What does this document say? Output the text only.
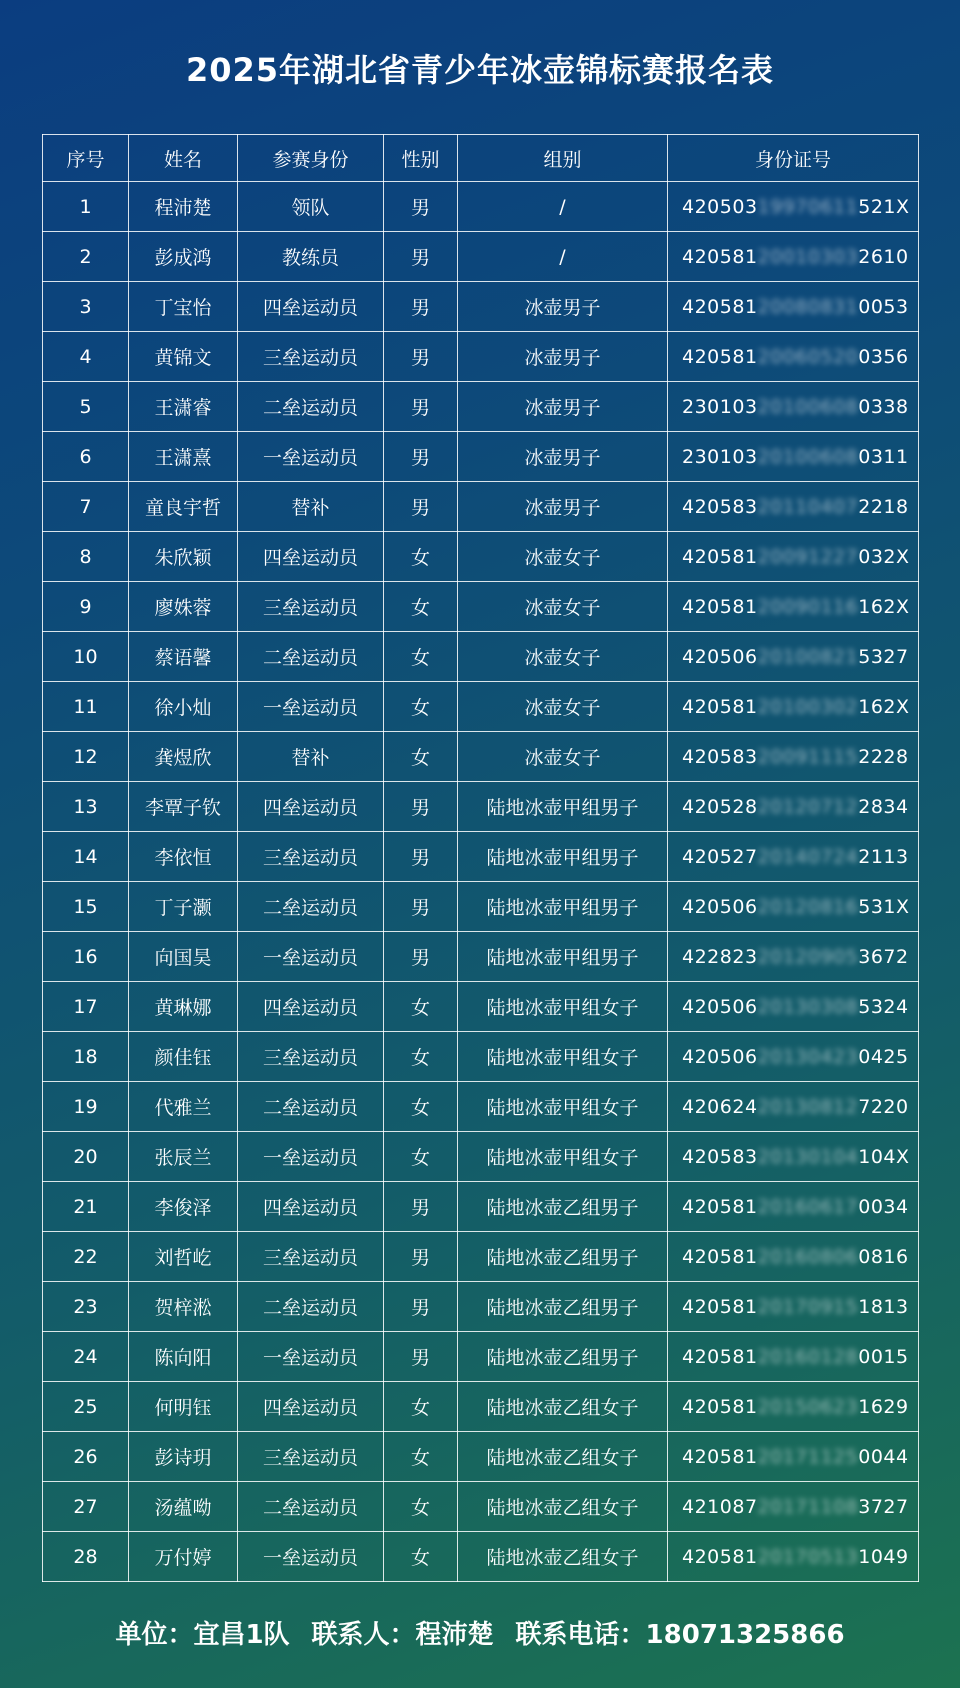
2025年湖北省青少年冰壶锦标赛报名表
序号	姓名	参赛身份	性别	组别	身份证号
1	程沛楚	领队	男	/	42050319970611521X
2	彭成鸿	教练员	男	/	420581200103032610
3	丁宝怡	四垒运动员	男	冰壶男子	420581200808310053
4	黄锦文	三垒运动员	男	冰壶男子	420581200605200356
5	王潇睿	二垒运动员	男	冰壶男子	230103201006080338
6	王潇熹	一垒运动员	男	冰壶男子	230103201006080311
7	童良宇哲	替补	男	冰壶男子	420583201104072218
8	朱欣颖	四垒运动员	女	冰壶女子	42058120091227032X
9	廖姝蓉	三垒运动员	女	冰壶女子	42058120090116162X
10	蔡语馨	二垒运动员	女	冰壶女子	420506201008215327
11	徐小灿	一垒运动员	女	冰壶女子	42058120100302162X
12	龚煜欣	替补	女	冰壶女子	420583200911152228
13	李覃子钦	四垒运动员	男	陆地冰壶甲组男子	420528201207122834
14	李依恒	三垒运动员	男	陆地冰壶甲组男子	420527201407242113
15	丁子灏	二垒运动员	男	陆地冰壶甲组男子	42050620120816531X
16	向国昊	一垒运动员	男	陆地冰壶甲组男子	422823201209053672
17	黄琳娜	四垒运动员	女	陆地冰壶甲组女子	420506201303085324
18	颜佳钰	三垒运动员	女	陆地冰壶甲组女子	420506201304230425
19	代雅兰	二垒运动员	女	陆地冰壶甲组女子	420624201308127220
20	张辰兰	一垒运动员	女	陆地冰壶甲组女子	42058320130104104X
21	李俊泽	四垒运动员	男	陆地冰壶乙组男子	420581201606170034
22	刘哲屹	三垒运动员	男	陆地冰壶乙组男子	420581201608060816
23	贺梓淞	二垒运动员	男	陆地冰壶乙组男子	420581201709151813
24	陈向阳	一垒运动员	男	陆地冰壶乙组男子	420581201601280015
25	何明钰	四垒运动员	女	陆地冰壶乙组女子	420581201506231629
26	彭诗玥	三垒运动员	女	陆地冰壶乙组女子	420581201711250044
27	汤蕴呦	二垒运动员	女	陆地冰壶乙组女子	421087201711083727
28	万付婷	一垒运动员	女	陆地冰壶乙组女子	420581201705131049
单位：宜昌1队 联系人：程沛楚 联系电话：18071325866
